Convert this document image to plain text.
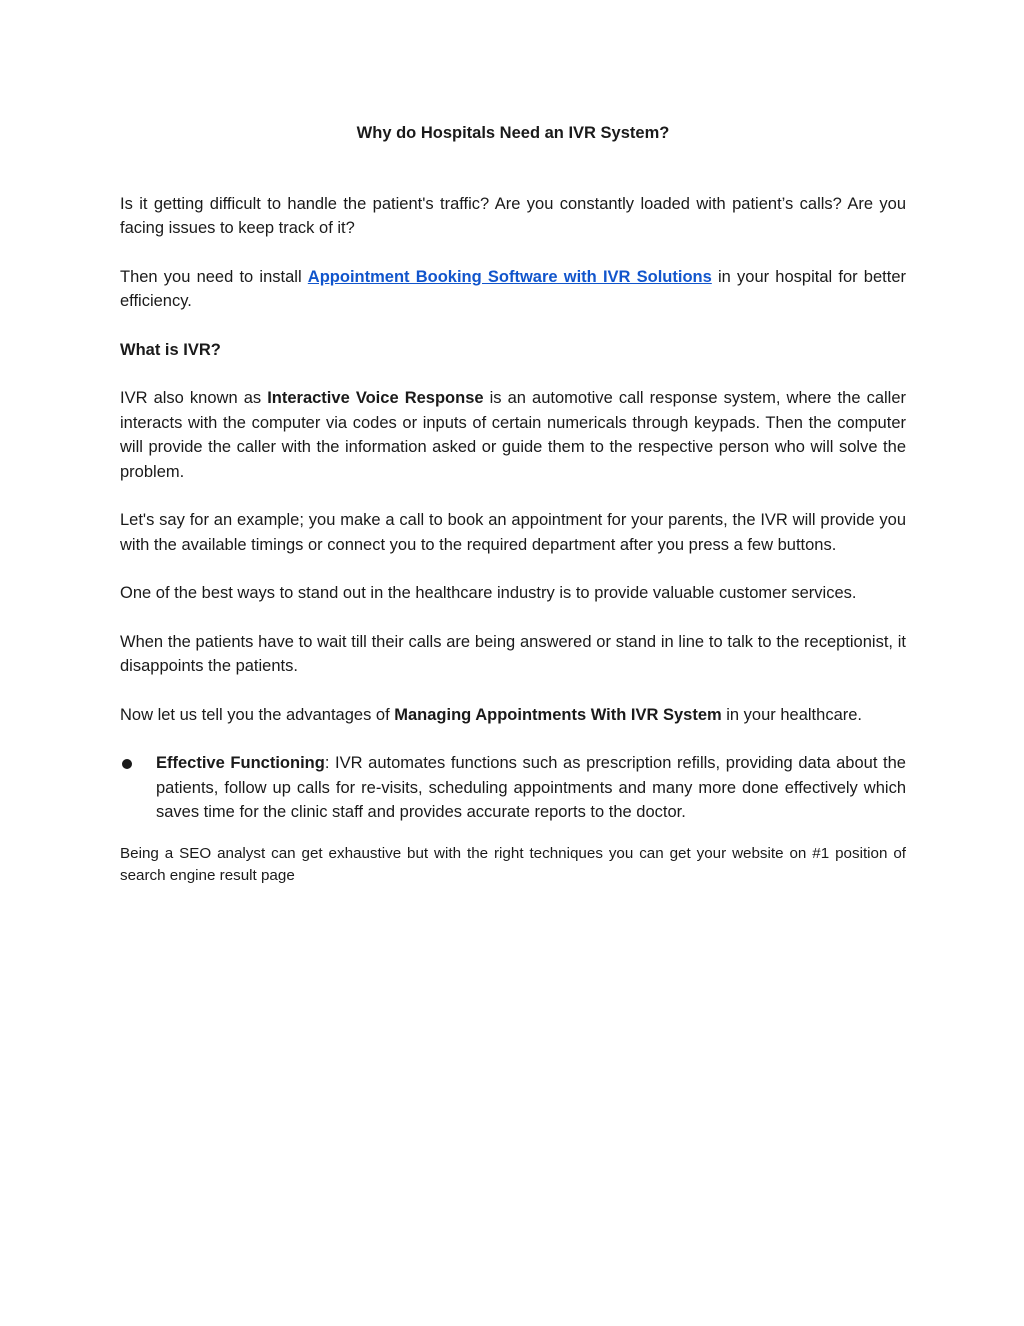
Why do Hospitals Need an IVR System?

Is it getting difficult to handle the patient's traffic? Are you constantly loaded with patient’s calls? Are you facing issues to keep track of it?

Then you need to install Appointment Booking Software with IVR Solutions in your hospital for better efficiency.

What is IVR?

IVR also known as Interactive Voice Response is an automotive call response system, where the caller interacts with the computer via codes or inputs of certain numericals through keypads. Then the computer will provide the caller with the information asked or guide them to the respective person who will solve the problem.

Let's say for an example; you make a call to book an appointment for your parents, the IVR will provide you with the available timings or connect you to the required department after you press a few buttons.

One of the best ways to stand out in the healthcare industry is to provide valuable customer services.

When the patients have to wait till their calls are being answered or stand in line to talk to the receptionist, it disappoints the patients.

Now let us tell you the advantages of Managing Appointments With IVR System in your healthcare.

Effective Functioning: IVR automates functions such as prescription refills, providing data about the patients, follow up calls for re-visits, scheduling appointments and many more done effectively which saves time for the clinic staff and provides accurate reports to the doctor.

Being a SEO analyst can get exhaustive but with the right techniques you can get your website on #1 position of search engine result page
